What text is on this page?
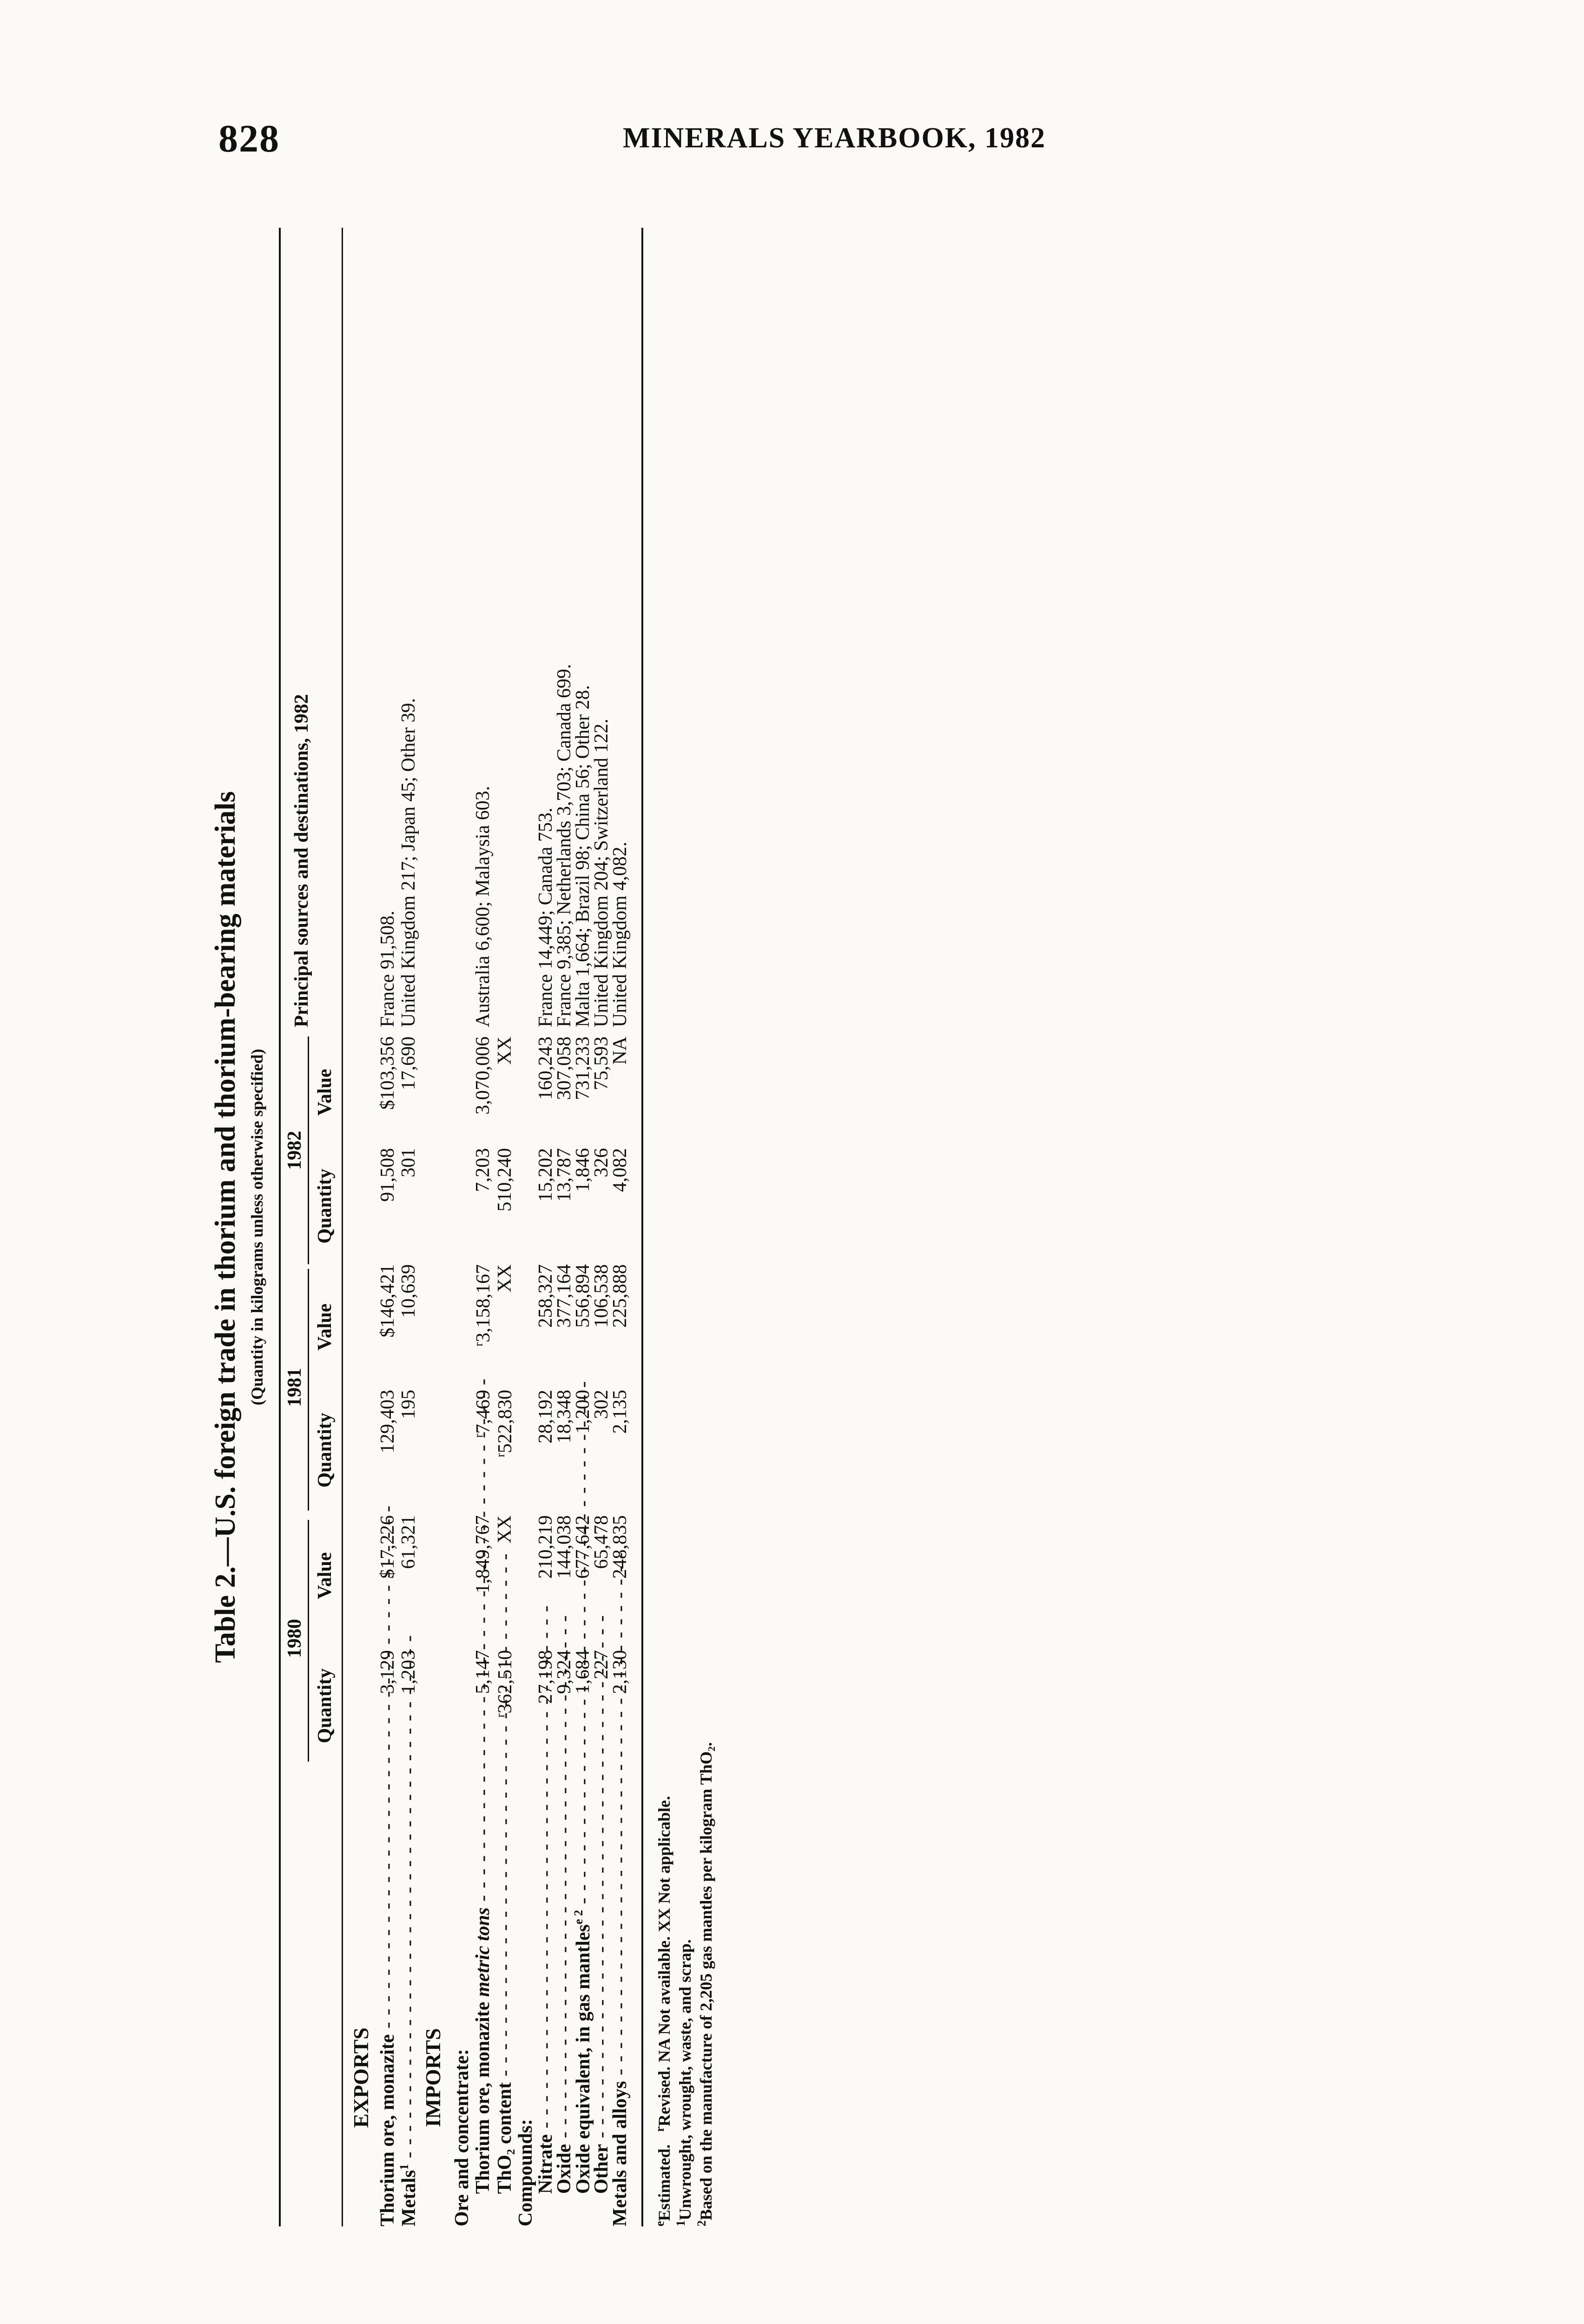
828	MINERALS YEARBOOK, 1982
Table 2.—U.S. foreign trade in thorium and thorium-bearing materials (Quantity in kilograms unless otherwise specified)
1980
1981
1982
Quantity
Value
Quantity
Value
Quantity
Value
Principal sources and destinations, 1982
EXPORTS Thorium ore, monazite - - -
3,129
$17,226
129,403
$146,421
91,508
$103,356
France 91,508.
Metals$^1$ - - -
1,203
61,321
195
10,639
301
17,690
United Kingdom 217; Japan 45; Other 39.
IMPORTS Ore and concentrate: Thorium ore, monazite metric tons - - -
5,147
1,849,767
$^r$7,469
$^r$3,158,167
7,203
3,070,006
Australia 6,600; Malaysia 603.
ThO₂ content - - -
$^r$362,510
XX
$^r$522,830
XX
510,240
XX
Compounds:
Nitrate - - -
27,198
210,219
28,192
258,327
15,202
160,243
France 14,449; Canada 753.
Oxide - - -
9,324
144,038
18,348
377,164
13,787
307,058
France 9,385; Netherlands 3,703; Canada 699.
Oxide equivalent, in gas mantles$^{e 2}$ - - -
1,684
677,642
1,200
556,894
1,846
731,233
Malta 1,664; Brazil 98; China 56; Other 28.
Other - - -
227
65,478
302
106,538
326
75,593
United Kingdom 204; Switzerland 122.
Metals and alloys - - -
2,130
248,835
2,135
225,888
4,082
NA
United Kingdom 4,082.
$^e$Estimated.   $^r$Revised. NA Not available. XX Not applicable.
$^1$Unwrought, wrought, waste, and scrap.
$^2$Based on the manufacture of 2,205 gas mantles per kilogram ThO₂.
